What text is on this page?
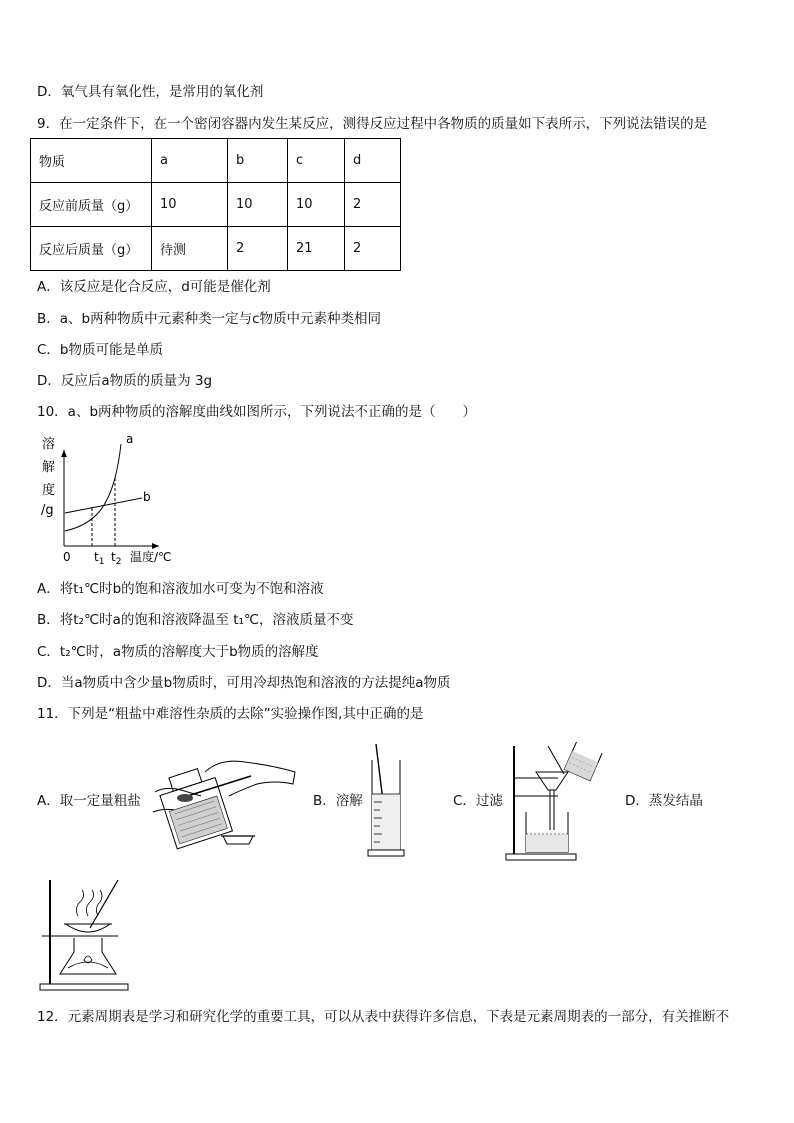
D．氧气具有氧化性，是常用的氧化剂
9．在一定条件下，在一个密闭容器内发生某反应，测得反应过程中各物质的质量如下表所示，下列说法错误的是
物质	a	b	c	d
反应前质量（g）	10	10	10	2
反应后质量（g）	待测	2	21	2
A．该反应是化合反应，d可能是催化剂
B．a、b两种物质中元素种类一定与c物质中元素种类相同
C．b物质可能是单质
D．反应后a物质的质量为 3g
10．a、b两种物质的溶解度曲线如图所示，下列说法不正确的是（　　）
溶
解
度
/g
a
b
0 $t_1$ $t_2$ 温度/℃
A．将t₁℃时b的饱和溶液加水可变为不饱和溶液
B．将t₂℃时a的饱和溶液降温至 t₁℃，溶液质量不变
C．t₂℃时，a物质的溶解度大于b物质的溶解度
D．当a物质中含少量b物质时，可用冷却热饱和溶液的方法提纯a物质
11．下列是“粗盐中难溶性杂质的去除”实验操作图,其中正确的是
A．取一定量粗盐	B．溶解	C．过滤	D．蒸发结晶
12．元素周期表是学习和研究化学的重要工具，可以从表中获得许多信息，下表是元素周期表的一部分，有关推断不
